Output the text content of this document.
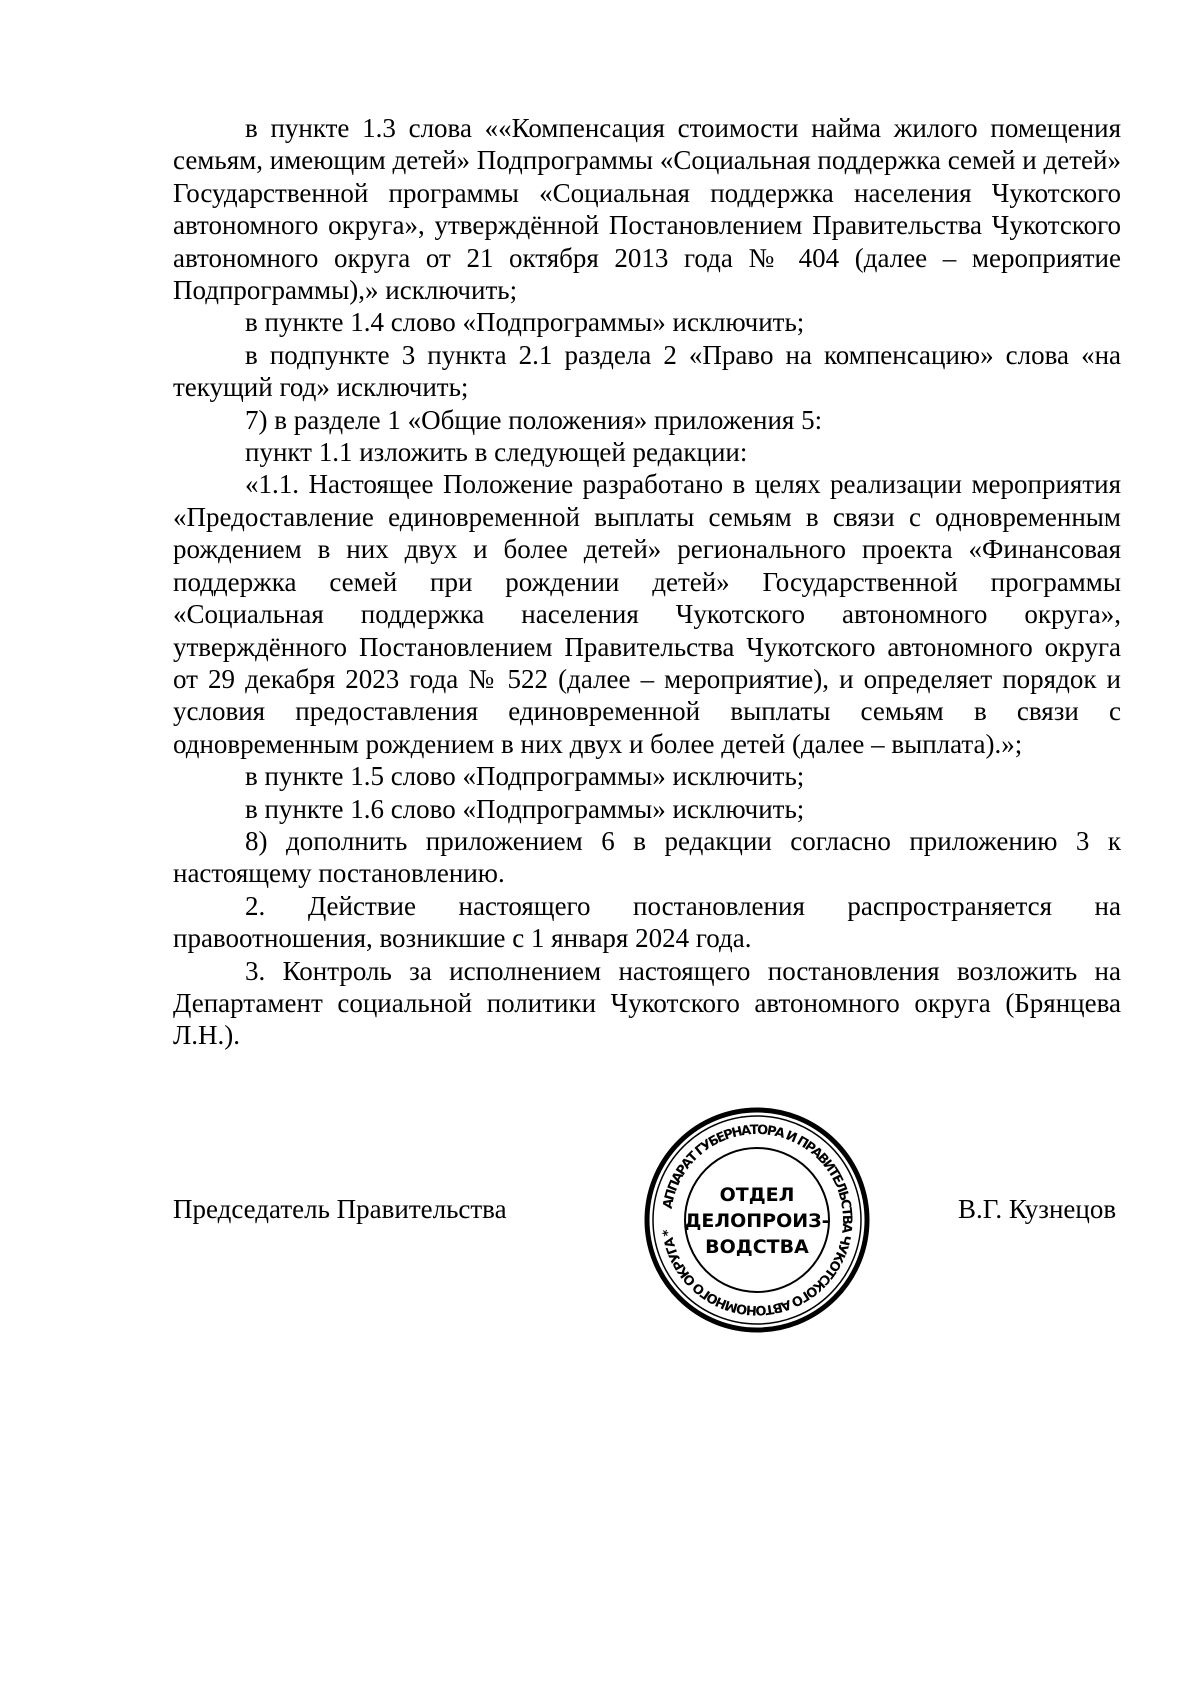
в пункте 1.3 слова ««Компенсация стоимости найма жилого помещения семьям, имеющим детей» Подпрограммы «Социальная поддержка семей и детей» Государственной программы «Социальная поддержка населения Чукотского автономного округа», утверждённой Постановлением Правительства Чукотского автономного округа от 21 октября 2013 года № 404 (далее – мероприятие Подпрограммы),» исключить;

в пункте 1.4 слово «Подпрограммы» исключить;

в подпункте 3 пункта 2.1 раздела 2 «Право на компенсацию» слова «на текущий год» исключить;

7) в разделе 1 «Общие положения» приложения 5:

пункт 1.1 изложить в следующей редакции:

«1.1. Настоящее Положение разработано в целях реализации мероприятия «Предоставление единовременной выплаты семьям в связи с одновременным рождением в них двух и более детей» регионального проекта «Финансовая поддержка семей при рождении детей» Государственной программы «Социальная поддержка населения Чукотского автономного округа», утверждённого Постановлением Правительства Чукотского автономного округа от 29 декабря 2023 года № 522 (далее – мероприятие), и определяет порядок и условия предоставления единовременной выплаты семьям в связи с одновременным рождением в них двух и более детей (далее – выплата).»;

в пункте 1.5 слово «Подпрограммы» исключить;

в пункте 1.6 слово «Подпрограммы» исключить;

8) дополнить приложением 6 в редакции согласно приложению 3 к настоящему постановлению.

2. Действие настоящего постановления распространяется на правоотношения, возникшие с 1 января 2024 года.

3. Контроль за исполнением настоящего постановления возложить на Департамент социальной политики Чукотского автономного округа (Брянцева Л.Н.).

Председатель Правительства	В.Г. Кузнецов
АППАРАТ ГУБЕРНАТОРА И ПРАВИТЕЛЬСТВА ЧУКОТСКОГО АВТОНОМНОГО ОКРУГА *
ОТДЕЛ
ДЕЛОПРОИЗ-
ВОДСТВА
